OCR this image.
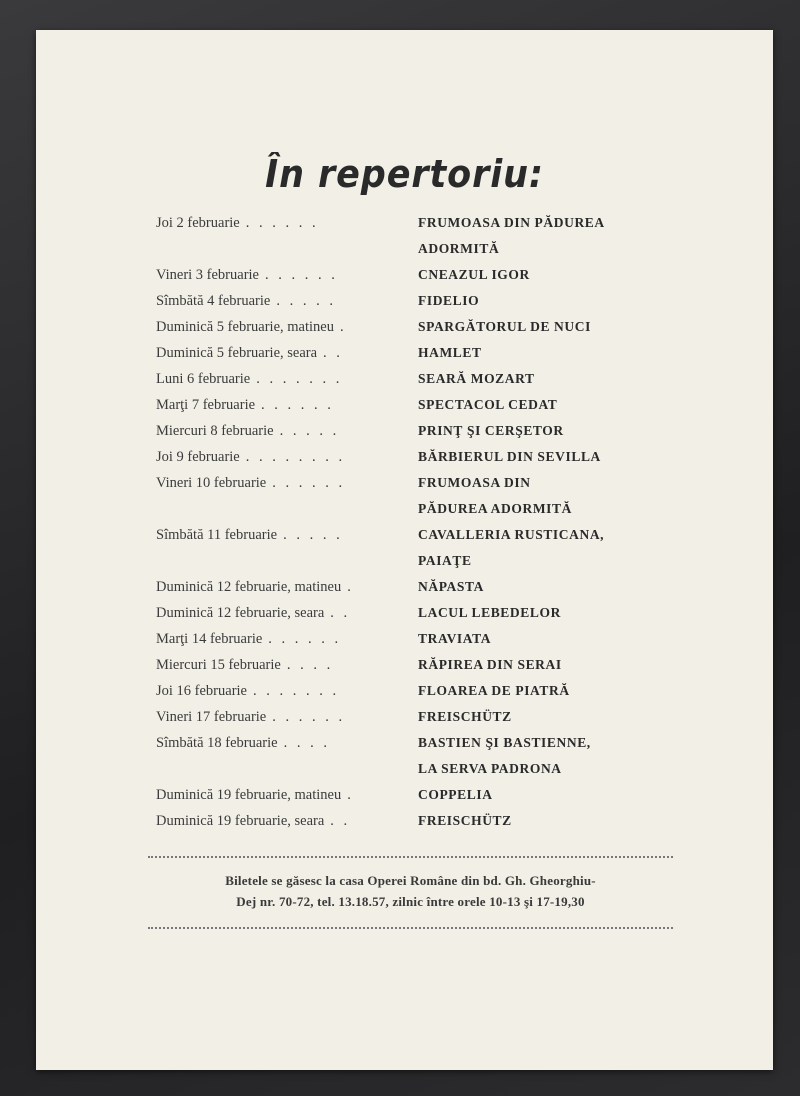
În repertoriu:
Joi 2 februarie . . . . . .	FRUMOASA DIN PĂDUREA
ADORMITĂ
Vineri 3 februarie . . . . . .	CNEAZUL IGOR
Sîmbătă 4 februarie . . . . .	FIDELIO
Duminică 5 februarie, matineu .	SPARGĂTORUL DE NUCI
Duminică 5 februarie, seara . .	HAMLET
Luni 6 februarie . . . . . . .	SEARĂ MOZART
Marţi 7 februarie . . . . . .	SPECTACOL CEDAT
Miercuri 8 februarie . . . . .	PRINŢ ŞI CERŞETOR
Joi 9 februarie . . . . . . . .	BĂRBIERUL DIN SEVILLA
Vineri 10 februarie . . . . . .	FRUMOASA DIN
PĂDUREA ADORMITĂ
Sîmbătă 11 februarie . . . . .	CAVALLERIA RUSTICANA,
PAIAŢE
Duminică 12 februarie, matineu .	NĂPASTA
Duminică 12 februarie, seara . .	LACUL LEBEDELOR
Marţi 14 februarie . . . . . .	TRAVIATA
Miercuri 15 februarie . . . .	RĂPIREA DIN SERAI
Joi 16 februarie . . . . . . .	FLOAREA DE PIATRĂ
Vineri 17 februarie . . . . . .	FREISCHÜTZ
Sîmbătă 18 februarie . . . .	BASTIEN ŞI BASTIENNE,
LA SERVA PADRONA
Duminică 19 februarie, matineu .	COPPELIA
Duminică 19 februarie, seara . .	FREISCHÜTZ
Biletele se găsesc la casa Operei Române din bd. Gh. Gheorghiu-
Dej nr. 70-72, tel. 13.18.57, zilnic între orele 10-13 şi 17-19,30
